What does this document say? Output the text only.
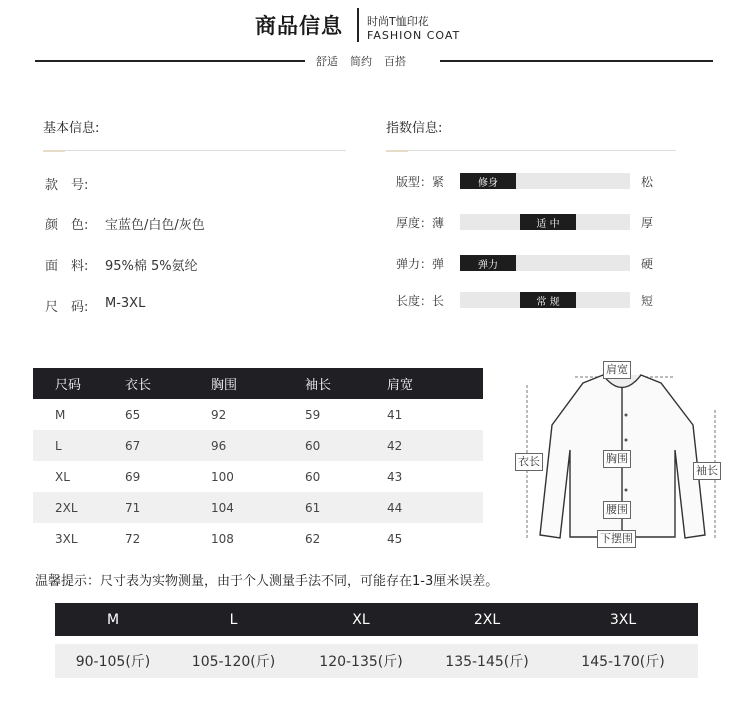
商品信息 时尚T恤印花
FASHION COAT
舒适 简约 百搭
基本信息:
款　号:
颜　色:	宝蓝色/白色/灰色
面　料:	95%棉 5%氨纶
尺　码:	M-3XL
指数信息:
版型：紧	修身	松
厚度：薄	适 中	厚
弹力：弹	弹力	硬
长度：长	常 规	短
尺码	衣长	胸围	袖长	肩宽
M	65	92	59	41
L	67	96	60	42
XL	69	100	60	43
2XL	71	104	61	44
3XL	72	108	62	45
肩宽
衣长	胸围
袖长
腰围
下摆围
温馨提示：尺寸表为实物测量，由于个人测量手法不同，可能存在1-3厘米误差。
M	L	XL	2XL	3XL
90-105(斤)	105-120(斤)	120-135(斤)	135-145(斤)	145-170(斤)
